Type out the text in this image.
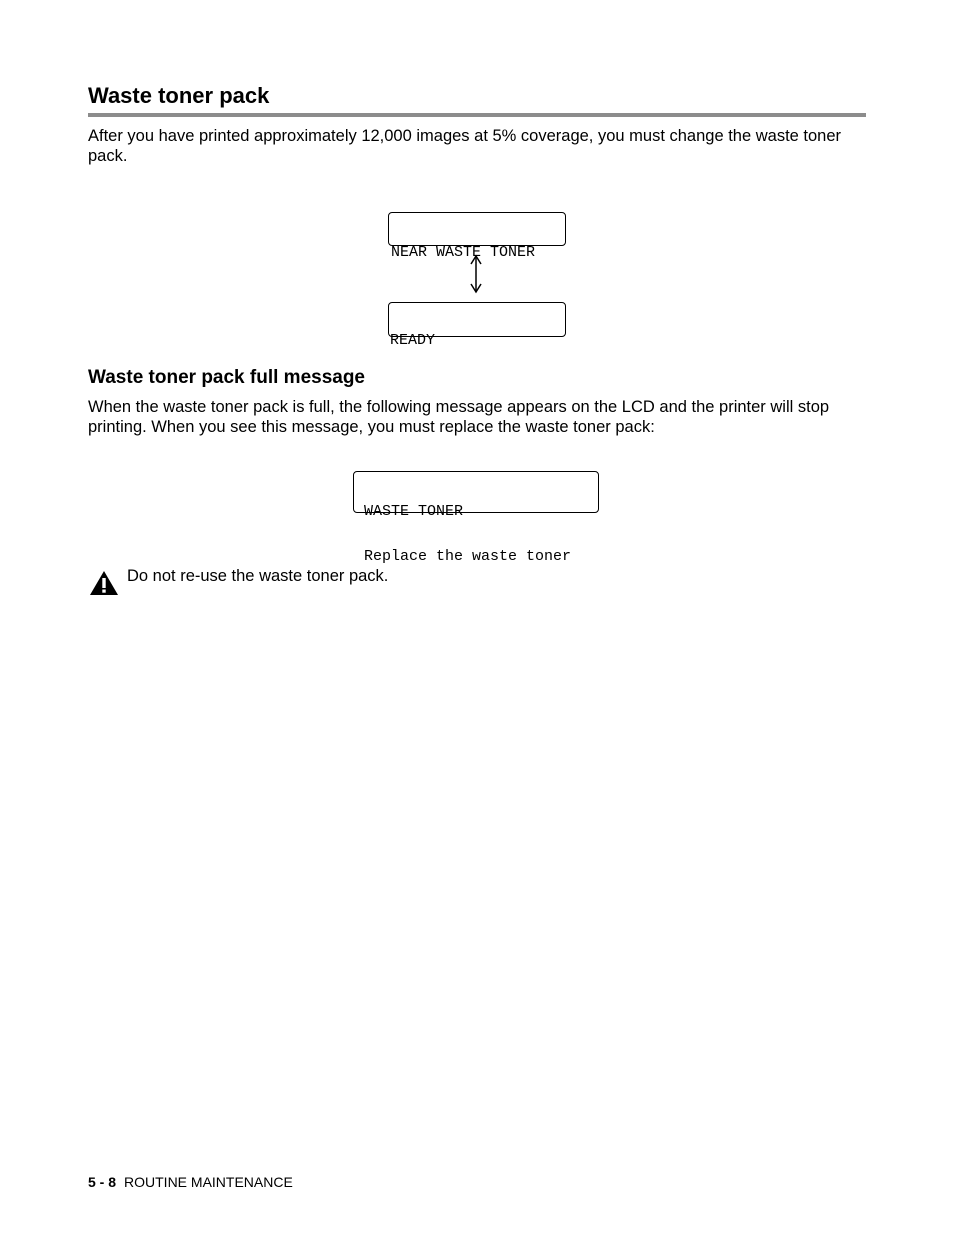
Waste toner pack
After you have printed approximately 12,000 images at 5% coverage, you must change the waste toner pack.

NEAR WASTE TONER

READY

Waste toner pack full message
When the waste toner pack is full, the following message appears on the LCD and the printer will stop printing. When you see this message, you must replace the waste toner pack:

WASTE TONER

Replace the waste toner

Do not re-use the waste toner pack.
5 - 8 ROUTINE MAINTENANCE
